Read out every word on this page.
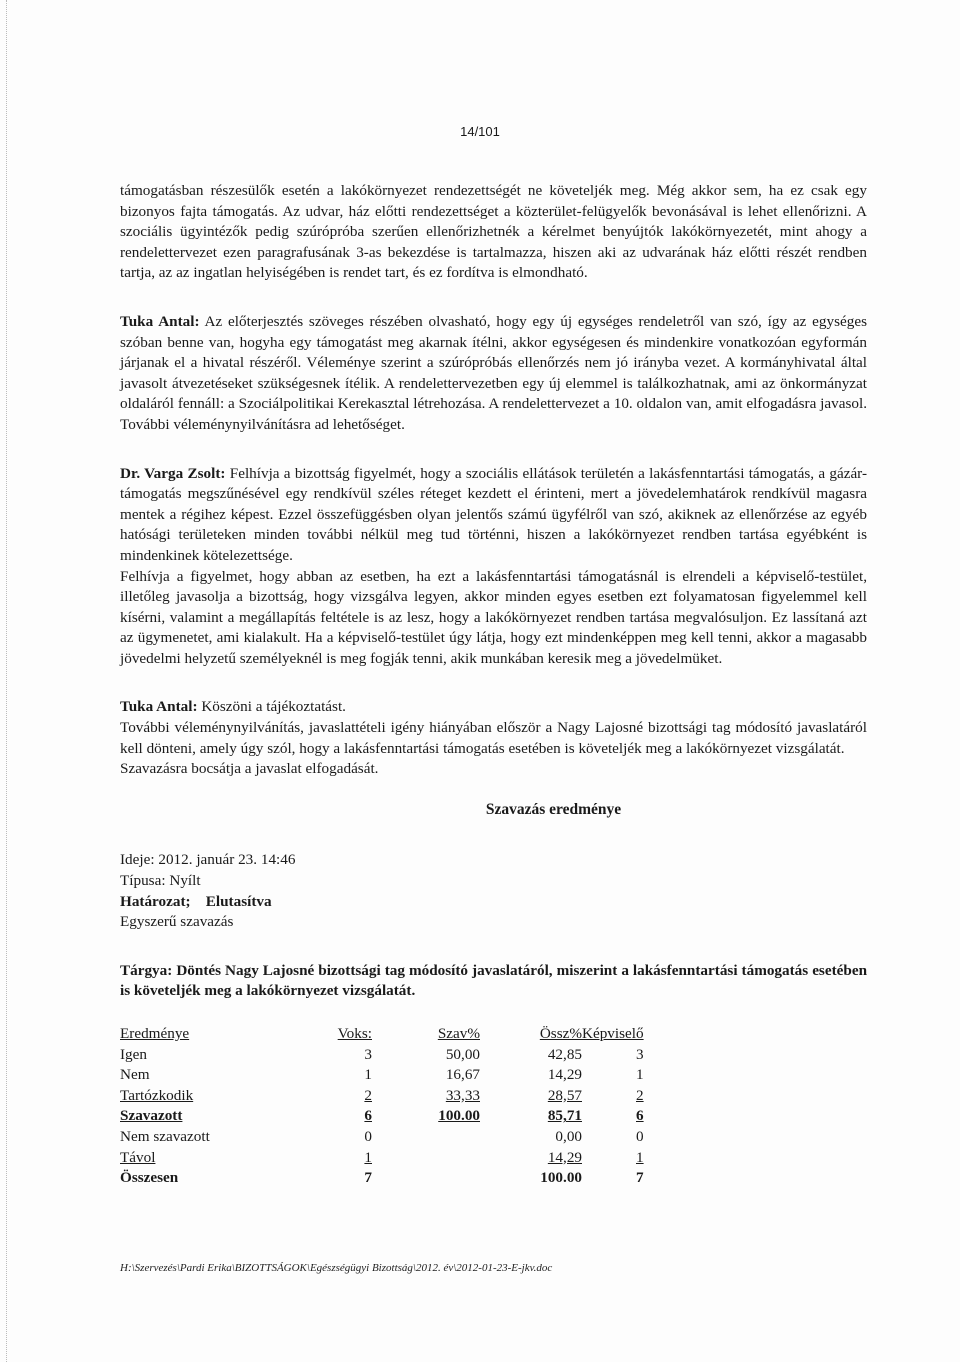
14/101

támogatásban részesülők esetén a lakókörnyezet rendezettségét ne követeljék meg. Még akkor sem, ha ez csak egy bizonyos fajta támogatás. Az udvar, ház előtti rendezettséget a közterület-felügyelők bevonásával is lehet ellenőrizni. A szociális ügyintézők pedig szúrópróba szerűen ellenőrizhetnék a kérelmet benyújtók lakókörnyezetét, mint ahogy a rendelettervezet ezen paragrafusának 3-as bekezdése is tartalmazza, hiszen aki az udvarának ház előtti részét rendben tartja, az az ingatlan helyiségében is rendet tart, és ez fordítva is elmondható.

Tuka Antal: Az előterjesztés szöveges részében olvasható, hogy egy új egységes rendeletről van szó, így az egységes szóban benne van, hogyha egy támogatást meg akarnak ítélni, akkor egységesen és mindenkire vonatkozóan egyformán járjanak el a hivatal részéről. Véleménye szerint a szúrópróbás ellenőrzés nem jó irányba vezet. A kormányhivatal által javasolt átvezetéseket szükségesnek ítélik. A rendelettervezetben egy új elemmel is találkozhatnak, ami az önkormányzat oldaláról fennáll: a Szociálpolitikai Kerekasztal létrehozása. A rendelettervezet a 10. oldalon van, amit elfogadásra javasol. További véleménynyilvánításra ad lehetőséget.

Dr. Varga Zsolt: Felhívja a bizottság figyelmét, hogy a szociális ellátások területén a lakásfenntartási támogatás, a gázár-támogatás megszűnésével egy rendkívül széles réteget kezdett el érinteni, mert a jövedelemhatárok rendkívül magasra mentek a régihez képest. Ezzel összefüggésben olyan jelentős számú ügyfélről van szó, akiknek az ellenőrzése az egyéb hatósági területeken minden további nélkül meg tud történni, hiszen a lakókörnyezet rendben tartása egyébként is mindenkinek kötelezettsége.

Felhívja a figyelmet, hogy abban az esetben, ha ezt a lakásfenntartási támogatásnál is elrendeli a képviselő-testület, illetőleg javasolja a bizottság, hogy vizsgálva legyen, akkor minden egyes esetben ezt folyamatosan figyelemmel kell kísérni, valamint a megállapítás feltétele is az lesz, hogy a lakókörnyezet rendben tartása megvalósuljon. Ez lassítaná azt az ügymenetet, ami kialakult. Ha a képviselő-testület úgy látja, hogy ezt mindenképpen meg kell tenni, akkor a magasabb jövedelmi helyzetű személyeknél is meg fogják tenni, akik munkában keresik meg a jövedelmüket.

Tuka Antal: Köszöni a tájékoztatást.

További véleménynyilvánítás, javaslattételi igény hiányában először a Nagy Lajosné bizottsági tag módosító javaslatáról kell dönteni, amely úgy szól, hogy a lakásfenntartási támogatás esetében is követeljék meg a lakókörnyezet vizsgálatát.

Szavazásra bocsátja a javaslat elfogadását.

Szavazás eredménye

Ideje: 2012. január 23. 14:46

Típusa: Nyílt

Határozat; Elutasítva

Egyszerű szavazás

Tárgya: Döntés Nagy Lajosné bizottsági tag módosító javaslatáról, miszerint a lakásfenntartási támogatás esetében is követeljék meg a lakókörnyezet vizsgálatát.

Eredménye	Voks:	Szav%	Össz%	Képviselő
Igen	3	50,00	42,85	3
Nem	1	16,67	14,29	1
Tartózkodik	2	33,33	28,57	2
Szavazott	6	100.00	85,71	6
Nem szavazott	0		0,00	0
Távol	1		14,29	1
Összesen	7		100.00	7
H:\Szervezés\Pardi Erika\BIZOTTSÁGOK\Egészségügyi Bizottság\2012. év\2012-01-23-E-jkv.doc
